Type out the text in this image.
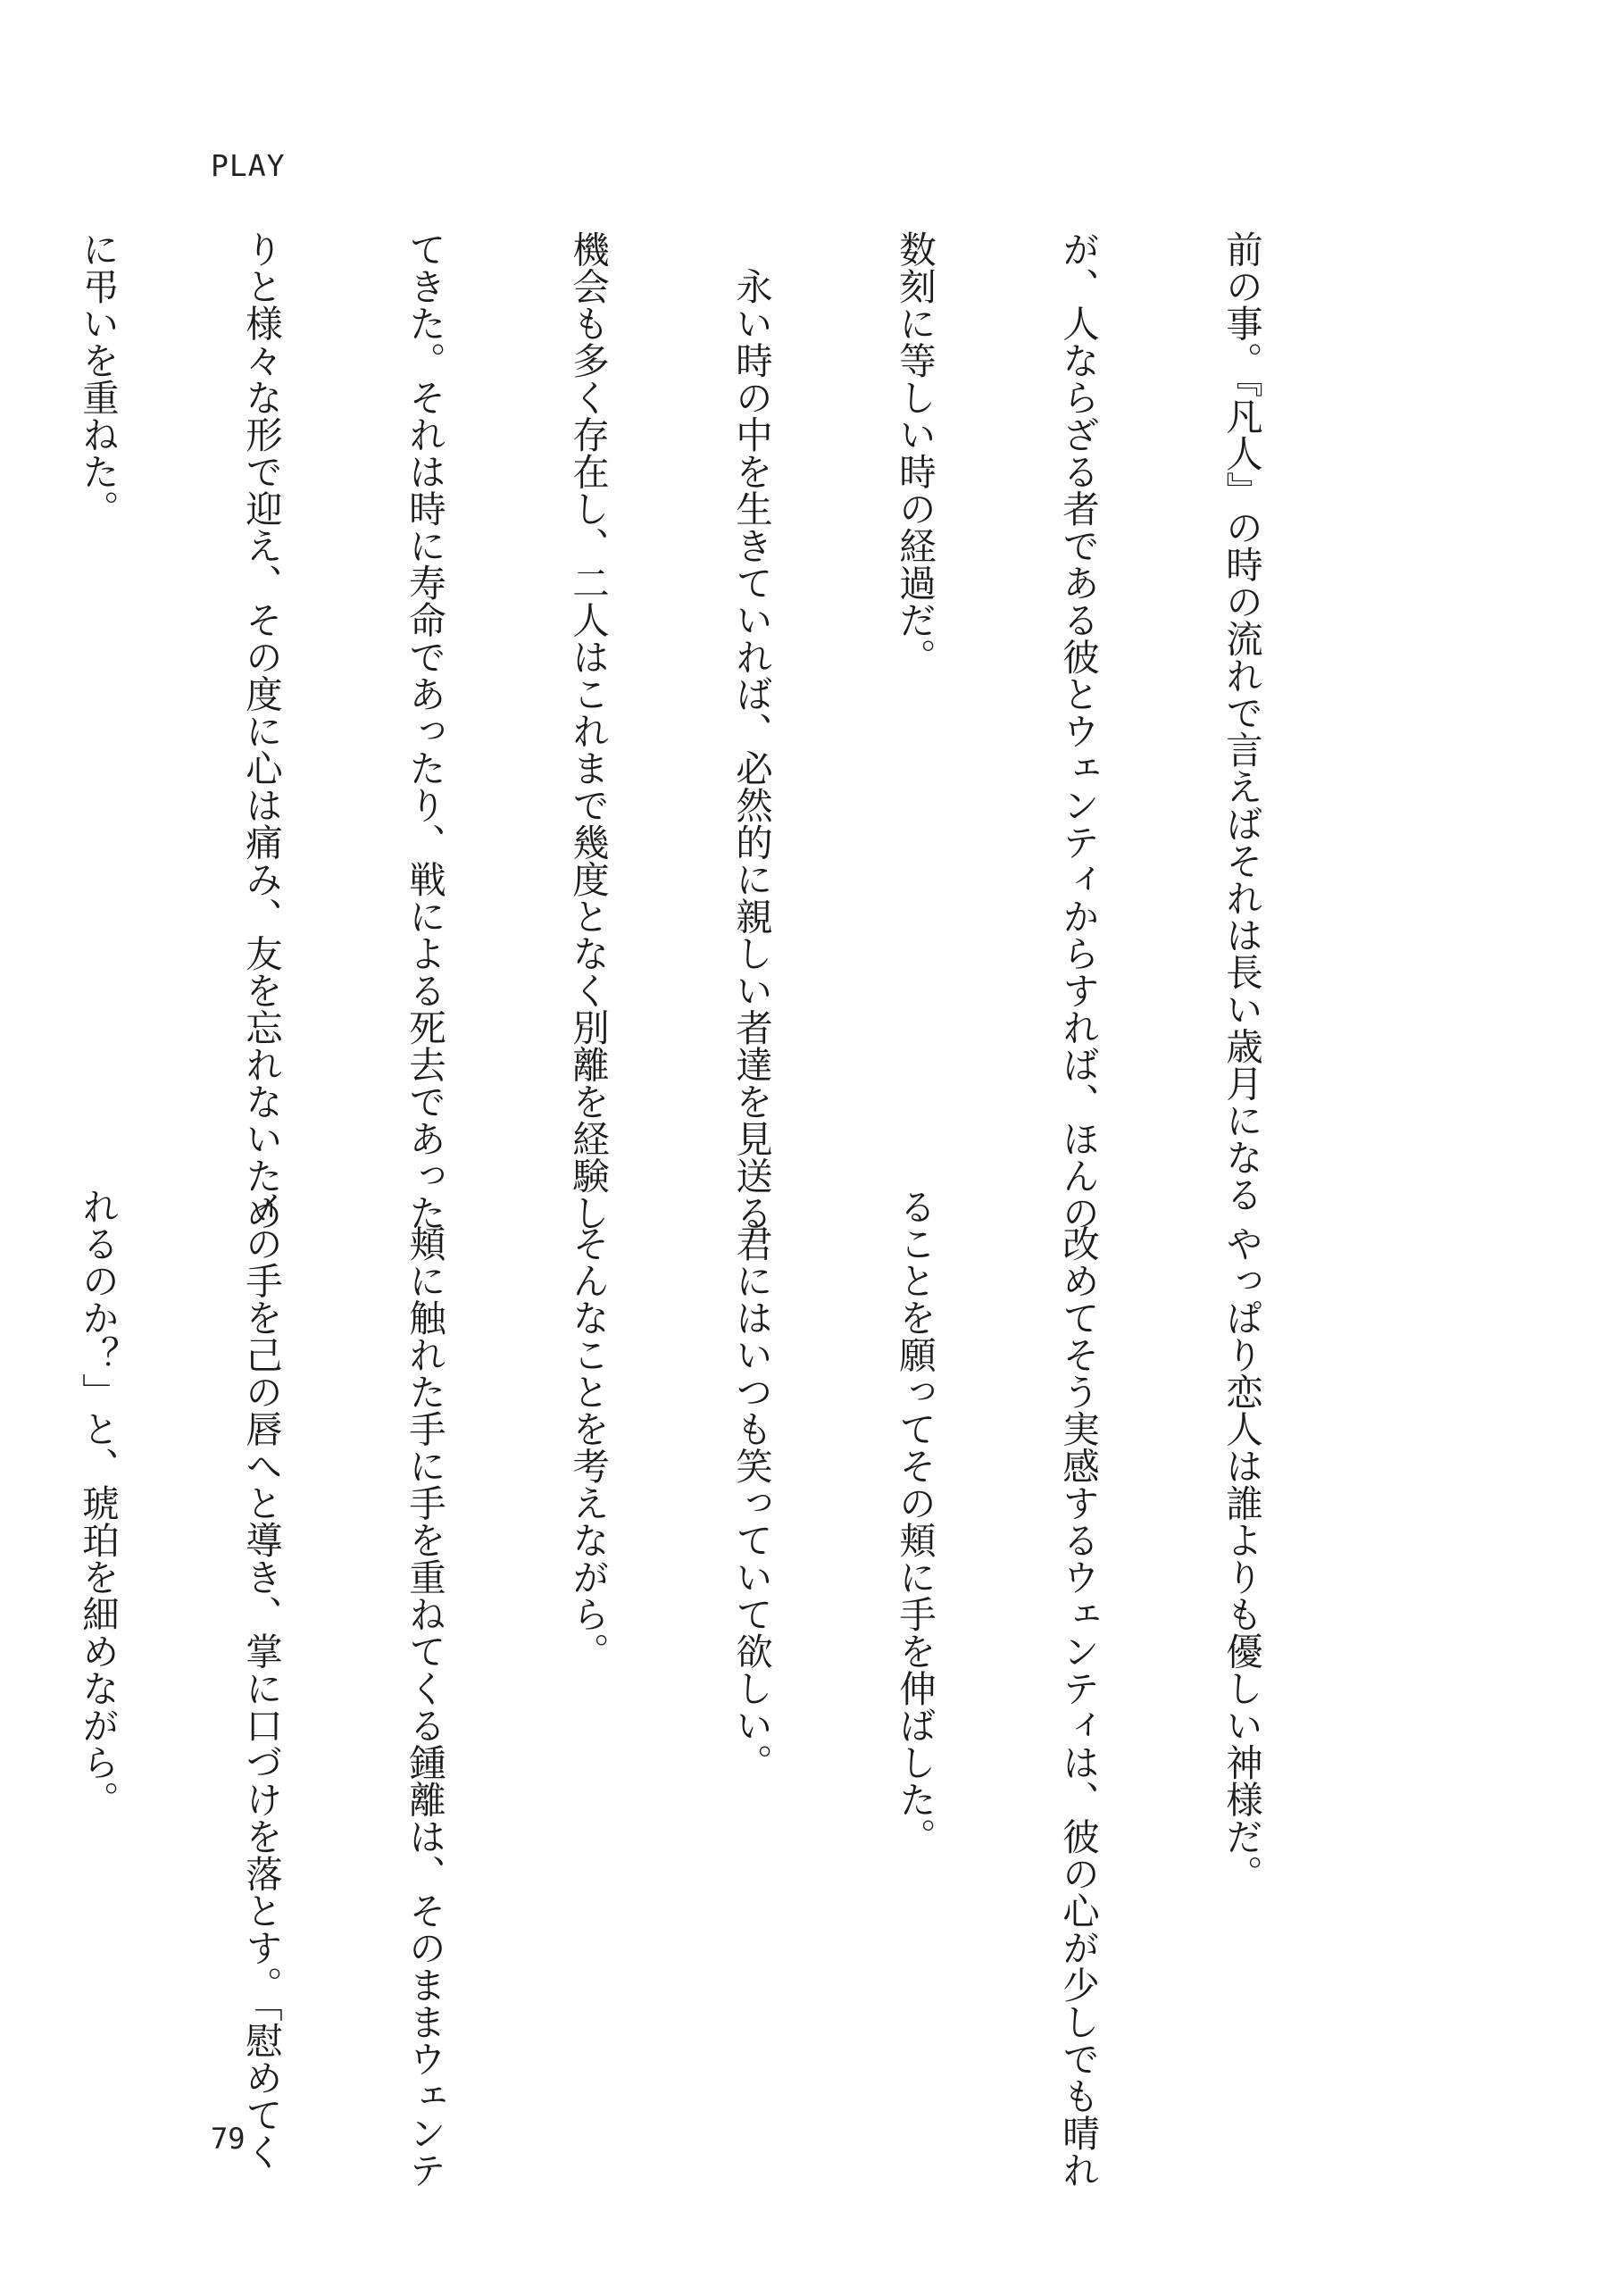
PLAY

前の事。『凡人』の時の流れで言えばそれは長い歳月になる

が、人ならざる者である彼とウェンティからすれば、ほんの

数刻に等しい時の経過だ。

　永い時の中を生きていれば、必然的に親しい者達を見送る

機会も多く存在し、二人はこれまで幾度となく別離を経験し

てきた。それは時に寿命であったり、戦による死去であった

りと様々な形で迎え、その度に心は痛み、友を忘れないため

に弔いを重ねた。

　やっぱり恋人は誰よりも優しい神様だ。

　改めてそう実感するウェンティは、彼の心が少しでも晴れ

ることを願ってその頬に手を伸ばした。

　君にはいつも笑っていて欲しい。

　そんなことを考えながら。

　頬に触れた手に手を重ねてくる鍾離は、そのままウェンテ

ィの手を己の唇へと導き、掌に口づけを落とす。「慰めてく

れるのか？」と、琥珀を細めながら。

79
